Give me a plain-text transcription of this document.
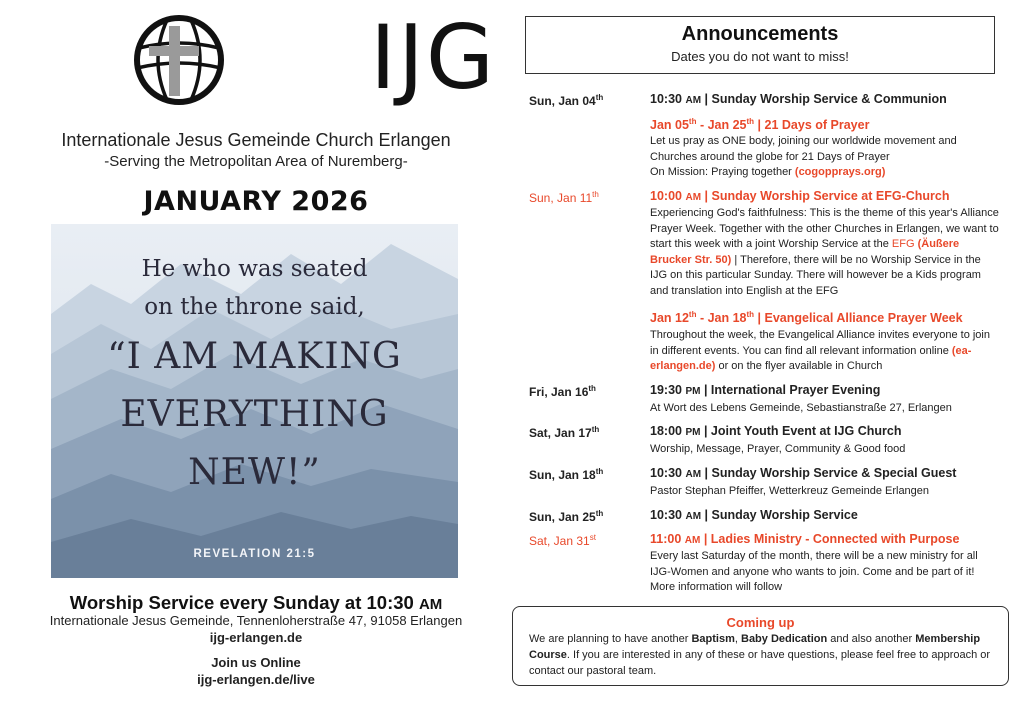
IJG
Internationale Jesus Gemeinde Church Erlangen
-Serving the Metropolitan Area of Nuremberg-
JANUARY 2026
He who was seated
on the throne said,
“I AM MAKING
EVERYTHING
NEW!”
REVELATION 21:5
Worship Service every Sunday at 10:30 AM
Internationale Jesus Gemeinde, Tennenloherstraße 47, 91058 Erlangen
ijg-erlangen.de
Join us Online
ijg-erlangen.de/live
Announcements
Dates you do not want to miss!
Sun, Jan 04th	10:30 AM | Sunday Worship Service & Communion
Jan 05th - Jan 25th | 21 Days of Prayer
Let us pray as ONE body, joining our worldwide movement and Churches around the globe for 21 Days of Prayer
On Mission: Praying together (cogopprays.org)
Sun, Jan 11th	10:00 AM | Sunday Worship Service at EFG-Church
Experiencing God's faithfulness: This is the theme of this year's Alliance Prayer Week. Together with the other Churches in Erlangen, we want to start this week with a joint Worship Service at the EFG (Äußere Brucker Str. 50) | Therefore, there will be no Worship Service in the IJG on this particular Sunday. There will however be a Kids program and translation into English at the EFG
Jan 12th - Jan 18th | Evangelical Alliance Prayer Week
Throughout the week, the Evangelical Alliance invites everyone to join in different events. You can find all relevant information online (ea-erlangen.de) or on the flyer available in Church
Fri, Jan 16th	19:30 PM | International Prayer Evening
At Wort des Lebens Gemeinde, Sebastianstraße 27, Erlangen
Sat, Jan 17th	18:00 PM | Joint Youth Event at IJG Church
Worship, Message, Prayer, Community & Good food
Sun, Jan 18th	10:30 AM | Sunday Worship Service & Special Guest
Pastor Stephan Pfeiffer, Wetterkreuz Gemeinde Erlangen
Sun, Jan 25th	10:30 AM | Sunday Worship Service
Sat, Jan 31st	11:00 AM | Ladies Ministry - Connected with Purpose
Every last Saturday of the month, there will be a new ministry for all IJG-Women and anyone who wants to join. Come and be part of it! More information will follow
Coming up
We are planning to have another Baptism, Baby Dedication and also another Membership Course. If you are interested in any of these or have questions, please feel free to approach or contact our pastoral team.
